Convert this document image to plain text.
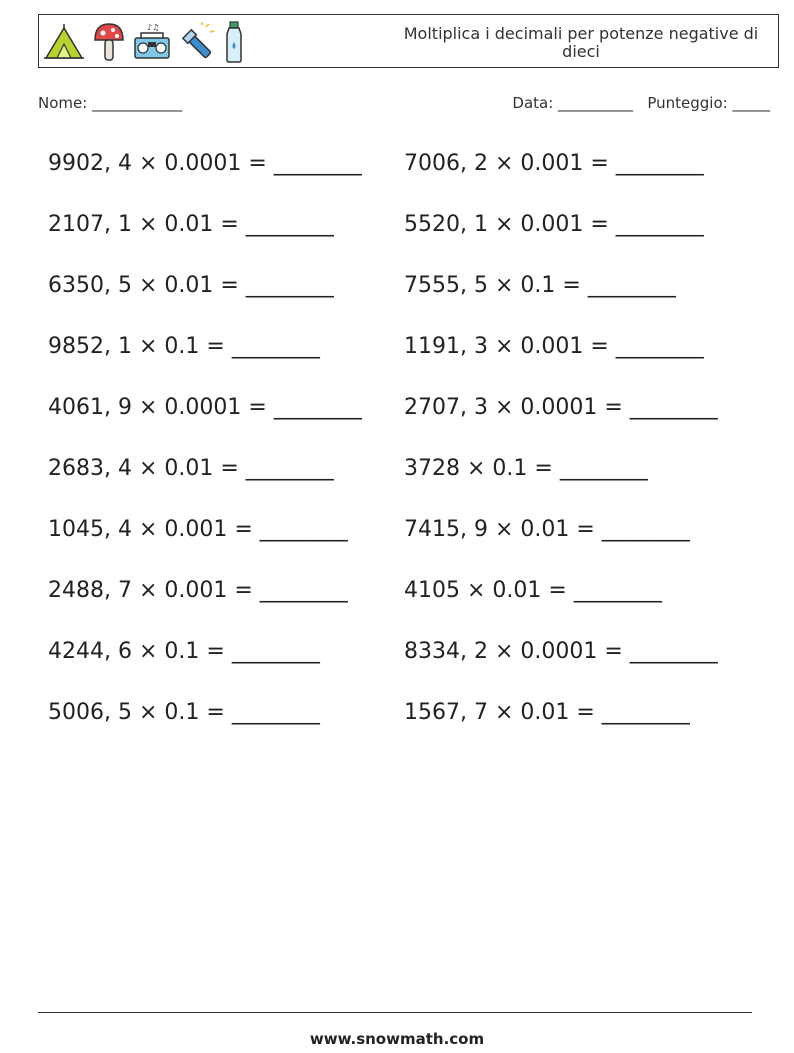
♪♫	Moltiplica i decimali per potenze negative di dieci
Nome: ____________	Data: __________ Punteggio: _____
9902, 4 × 0.0001 = ________ 7006, 2 × 0.001 = ________
2107, 1 × 0.01 = ________	5520, 1 × 0.001 = ________
6350, 5 × 0.01 = ________	7555, 5 × 0.1 = ________
9852, 1 × 0.1 = ________	1191, 3 × 0.001 = ________
4061, 9 × 0.0001 = ________ 2707, 3 × 0.0001 = ________
2683, 4 × 0.01 = ________	3728 × 0.1 = ________
1045, 4 × 0.001 = ________	7415, 9 × 0.01 = ________
2488, 7 × 0.001 = ________	4105 × 0.01 = ________
4244, 6 × 0.1 = ________	8334, 2 × 0.0001 = ________
5006, 5 × 0.1 = ________	1567, 7 × 0.01 = ________
www.snowmath.com
